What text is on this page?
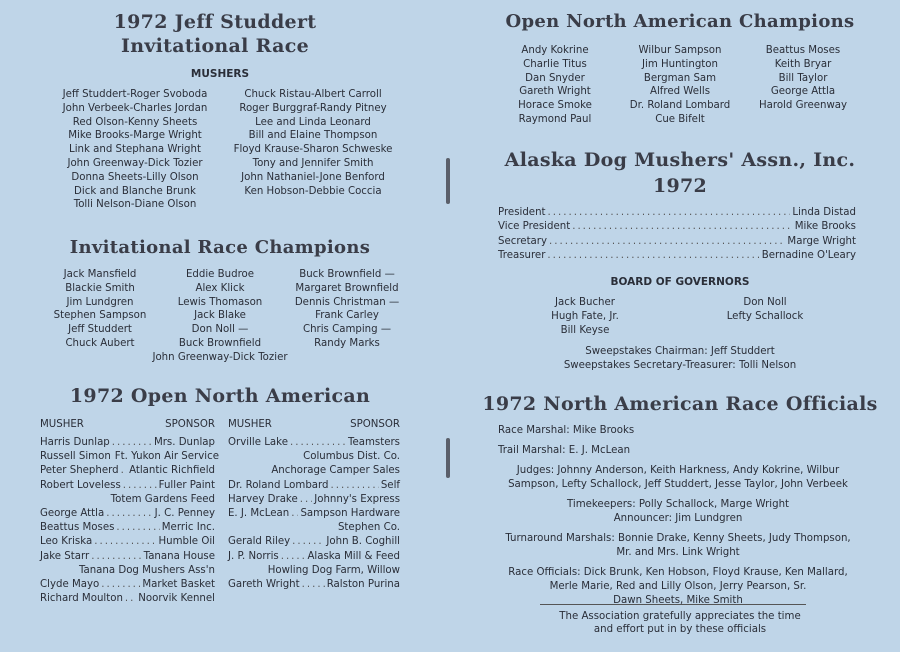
1972 Jeff Studdert
Invitational Race
MUSHERS
Jeff Studdert-Roger Svoboda
John Verbeek-Charles Jordan
Red Olson-Kenny Sheets
Mike Brooks-Marge Wright
Link and Stephana Wright
John Greenway-Dick Tozier
Donna Sheets-Lilly Olson
Dick and Blanche Brunk
Tolli Nelson-Diane Olson
Chuck Ristau-Albert Carroll
Roger Burggraf-Randy Pitney
Lee and Linda Leonard
Bill and Elaine Thompson
Floyd Krause-Sharon Schweske
Tony and Jennifer Smith
John Nathaniel-Jone Benford
Ken Hobson-Debbie Coccia
Invitational Race Champions
Jack Mansfield
Blackie Smith
Jim Lundgren
Stephen Sampson
Jeff Studdert
Chuck Aubert
Eddie Budroe
Alex Klick
Lewis Thomason
Jack Blake
Don Noll —
Buck Brownfield
Buck Brownfield —
Margaret Brownfield
Dennis Christman —
Frank Carley
Chris Camping —
Randy Marks
John Greenway-Dick Tozier
1972 Open North American
MUSHER	SPONSOR MUSHER	SPONSOR
Harris Dunlap .....	Mrs. Dunlap
Russell Simon Ft. Yukon Air Service
Peter Shepherd ..... Atlantic Richfield
Robert Loveless .....	Fuller Paint
Totem Gardens Feed
George Attla .....	J. C. Penney
Beattus Moses .....	Merric Inc.
Leo Kriska .....	Humble Oil
Jake Starr .....	Tanana House
Tanana Dog Mushers Ass'n
Clyde Mayo .....	Market Basket
Richard Moulton ..... Noorvik Kennel
Orville Lake .....	Teamsters
Columbus Dist. Co.
Anchorage Camper Sales
Dr. Roland Lombard .....	Self
Harvey Drake ..... Johnny's Express
E. J. McLean ..... Sampson Hardware
Stephen Co.
Gerald Riley .....	John B. Coghill
J. P. Norris .....	Alaska Mill & Feed
Howling Dog Farm, Willow
Gareth Wright .....	Ralston Purina
Open North American Champions
Andy Kokrine
Charlie Titus
Dan Snyder
Gareth Wright
Horace Smoke
Raymond Paul
Wilbur Sampson
Jim Huntington
Bergman Sam
Alfred Wells
Dr. Roland Lombard
Cue Bifelt
Beattus Moses
Keith Bryar
Bill Taylor
George Attla
Harold Greenway
Alaska Dog Mushers' Assn., Inc.
1972
President .....	Linda Distad
Vice President .....	Mike Brooks
Secretary .....	Marge Wright
Treasurer .....	Bernadine O'Leary
BOARD OF GOVERNORS
Jack Bucher
Hugh Fate, Jr.
Bill Keyse
Don Noll
Lefty Schallock
Sweepstakes Chairman: Jeff Studdert
Sweepstakes Secretary-Treasurer: Tolli Nelson
1972 North American Race Officials
Race Marshal: Mike Brooks
Trail Marshal: E. J. McLean
Judges: Johnny Anderson, Keith Harkness, Andy Kokrine, Wilbur
Sampson, Lefty Schallock, Jeff Studdert, Jesse Taylor, John Verbeek
Timekeepers: Polly Schallock, Marge Wright
Announcer: Jim Lundgren
Turnaround Marshals: Bonnie Drake, Kenny Sheets, Judy Thompson,
Mr. and Mrs. Link Wright
Race Officials: Dick Brunk, Ken Hobson, Floyd Krause, Ken Mallard,
Merle Marie, Red and Lilly Olson, Jerry Pearson, Sr.
Dawn Sheets, Mike Smith
The Association gratefully appreciates the time
and effort put in by these officials
